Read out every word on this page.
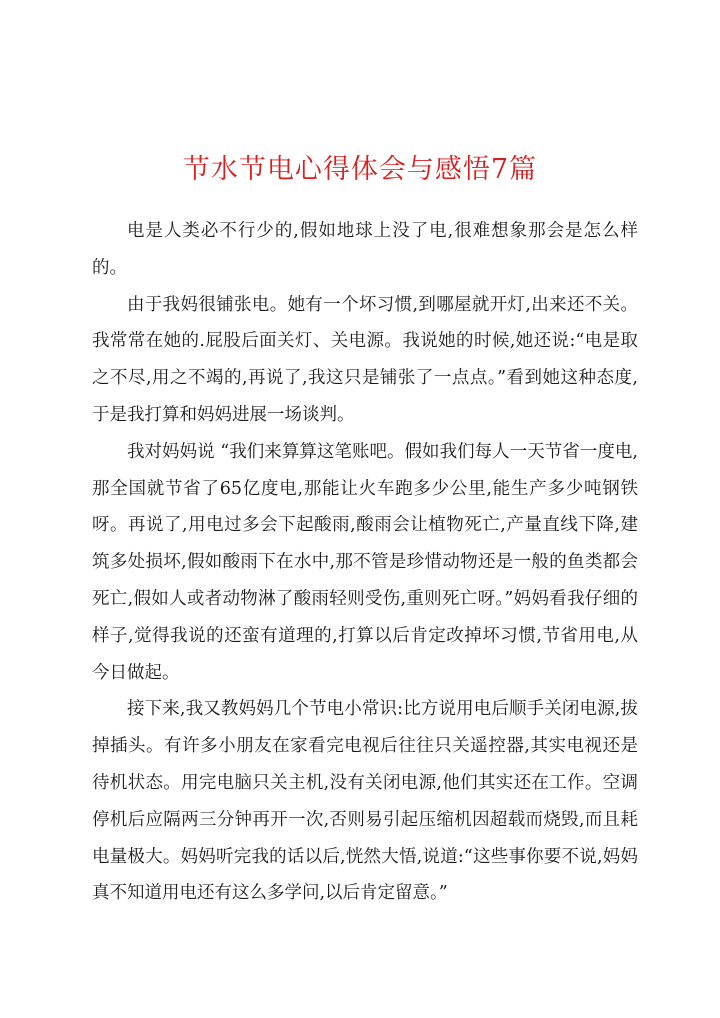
节水节电心得体会与感悟7篇

电是人类必不行少的,假如地球上没了电,很难想象那会是怎么样的。

由于我妈很铺张电。她有一个坏习惯,到哪屋就开灯,出来还不关。我常常在她的.屁股后面关灯、关电源。我说她的时候,她还说:“电是取之不尽,用之不竭的,再说了,我这只是铺张了一点点。”看到她这种态度,于是我打算和妈妈进展一场谈判。

我对妈妈说 “我们来算算这笔账吧。假如我们每人一天节省一度电,那全国就节省了65亿度电,那能让火车跑多少公里,能生产多少吨钢铁呀。再说了,用电过多会下起酸雨,酸雨会让植物死亡,产量直线下降,建筑多处损坏,假如酸雨下在水中,那不管是珍惜动物还是一般的鱼类都会死亡,假如人或者动物淋了酸雨轻则受伤,重则死亡呀。”妈妈看我仔细的样子,觉得我说的还蛮有道理的,打算以后肯定改掉坏习惯,节省用电,从今日做起。

接下来,我又教妈妈几个节电小常识:比方说用电后顺手关闭电源,拔掉插头。有许多小朋友在家看完电视后往往只关遥控器,其实电视还是待机状态。用完电脑只关主机,没有关闭电源,他们其实还在工作。空调停机后应隔两三分钟再开一次,否则易引起压缩机因超载而烧毁,而且耗电量极大。妈妈听完我的话以后,恍然大悟,说道:“这些事你要不说,妈妈真不知道用电还有这么多学问,以后肯定留意。”
